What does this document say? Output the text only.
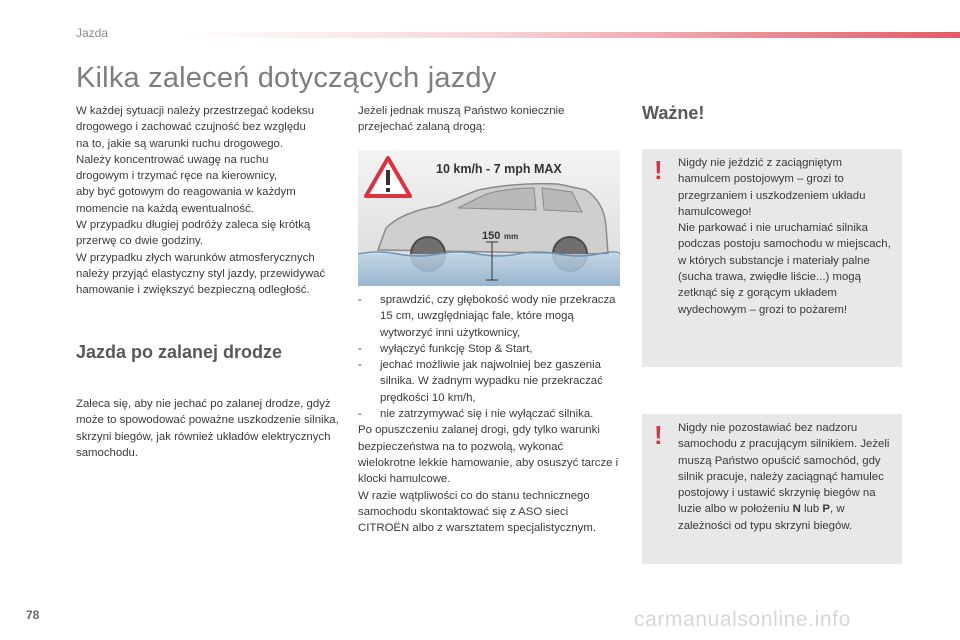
Jazda
Kilka zaleceń dotyczących jazdy

W każdej sytuacji należy przestrzegać kodeksu

drogowego i zachować czujność bez względu

na to, jakie są warunki ruchu drogowego.

Należy koncentrować uwagę na ruchu

drogowym i trzymać ręce na kierownicy,

aby być gotowym do reagowania w każdym

momencie na każdą ewentualność.

W przypadku długiej podróży zaleca się krótką

przerwę co dwie godziny.

W przypadku złych warunków atmosferycznych

należy przyjąć elastyczny styl jazdy, przewidywać

hamowanie i zwiększyć bezpieczną odległość.

Jazda po zalanej drodze

Zaleca się, aby nie jechać po zalanej drodze, gdyż może to spowodować poważne uszkodzenie silnika, skrzyni biegów, jak również układów elektrycznych samochodu.

Jeżeli jednak muszą Państwo koniecznie przejechać zalaną drogą:

10 km/h - 7 mph MAX
150 mm
-	sprawdzić, czy głębokość wody nie przekracza 15 cm, uwzględniając fale, które mogą wytworzyć inni użytkownicy,
-	wyłączyć funkcję Stop & Start,
-	jechać możliwie jak najwolniej bez gaszenia silnika. W żadnym wypadku nie przekraczać prędkości 10 km/h,
-	nie zatrzymywać się i nie wyłączać silnika.

Po opuszczeniu zalanej drogi, gdy tylko warunki bezpieczeństwa na to pozwolą, wykonać wielokrotne lekkie hamowanie, aby osuszyć tarcze i klocki hamulcowe.

W razie wątpliwości co do stanu technicznego samochodu skontaktować się z ASO sieci CITROËN albo z warsztatem specjalistycznym.

Ważne!
! Nigdy nie jeździć z zaciągniętym hamulcem postojowym – grozi to przegrzaniem i uszkodzeniem układu hamulcowego!
Nie parkować i nie uruchamiać silnika podczas postoju samochodu w miejscach, w których substancje i materiały palne (sucha trawa, zwiędłe liście...) mogą zetknąć się z gorącym układem wydechowym – grozi to pożarem!
! Nigdy nie pozostawiać bez nadzoru samochodu z pracującym silnikiem. Jeżeli muszą Państwo opuścić samochód, gdy silnik pracuje, należy zaciągnąć hamulec postojowy i ustawić skrzynię biegów na luzie albo w położeniu N lub P, w zależności od typu skrzyni biegów.
78	carmanualsonline.info
